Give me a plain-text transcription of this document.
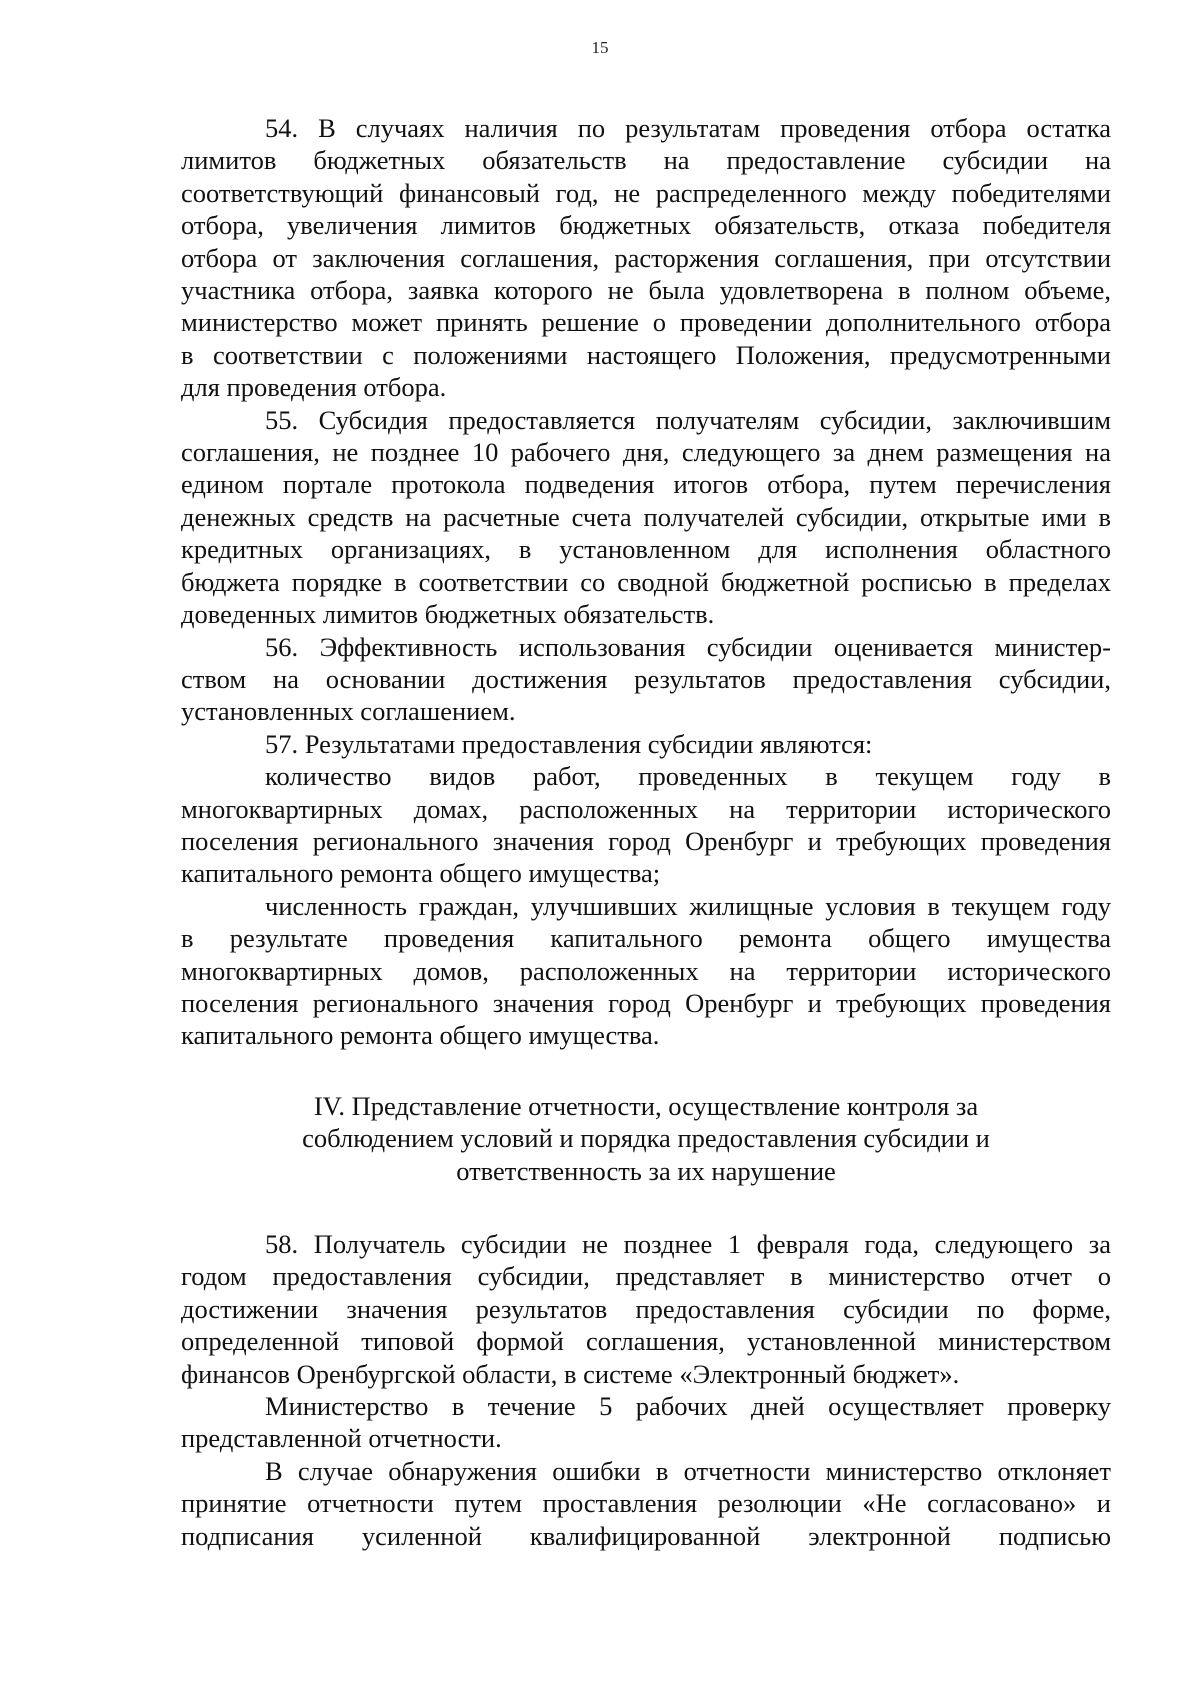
15
54. В случаях наличия по результатам проведения отбора остатка
лимитов бюджетных обязательств на предоставление субсидии на
соответствующий финансовый год, не распределенного между победителями
отбора, увеличения лимитов бюджетных обязательств, отказа победителя
отбора от заключения соглашения, расторжения соглашения, при отсутствии
участника отбора, заявка которого не была удовлетворена в полном объеме,
министерство может принять решение о проведении дополнительного отбора
в соответствии с положениями настоящего Положения, предусмотренными
для проведения отбора.
55. Субсидия предоставляется получателям субсидии, заключившим
соглашения, не позднее 10 рабочего дня, следующего за днем размещения на
едином портале протокола подведения итогов отбора, путем перечисления
денежных средств на расчетные счета получателей субсидии, открытые ими в
кредитных организациях, в установленном для исполнения областного
бюджета порядке в соответствии со сводной бюджетной росписью в пределах
доведенных лимитов бюджетных обязательств.
56. Эффективность использования субсидии оценивается министер-
ством на основании достижения результатов предоставления субсидии,
установленных соглашением.
57. Результатами предоставления субсидии являются:
количество видов работ, проведенных в текущем году в
многоквартирных домах, расположенных на территории исторического
поселения регионального значения город Оренбург и требующих проведения
капитального ремонта общего имущества;
численность граждан, улучшивших жилищные условия в текущем году
в результате проведения капитального ремонта общего имущества
многоквартирных домов, расположенных на территории исторического
поселения регионального значения город Оренбург и требующих проведения
капитального ремонта общего имущества.
IV. Представление отчетности, осуществление контроля за
соблюдением условий и порядка предоставления субсидии и
ответственность за их нарушение
58. Получатель субсидии не позднее 1 февраля года, следующего за
годом предоставления субсидии, представляет в министерство отчет о
достижении значения результатов предоставления субсидии по форме,
определенной типовой формой соглашения, установленной министерством
финансов Оренбургской области, в системе «Электронный бюджет».
Министерство в течение 5 рабочих дней осуществляет проверку
представленной отчетности.
В случае обнаружения ошибки в отчетности министерство отклоняет
принятие отчетности путем проставления резолюции «Не согласовано» и
подписания усиленной квалифицированной электронной подписью
